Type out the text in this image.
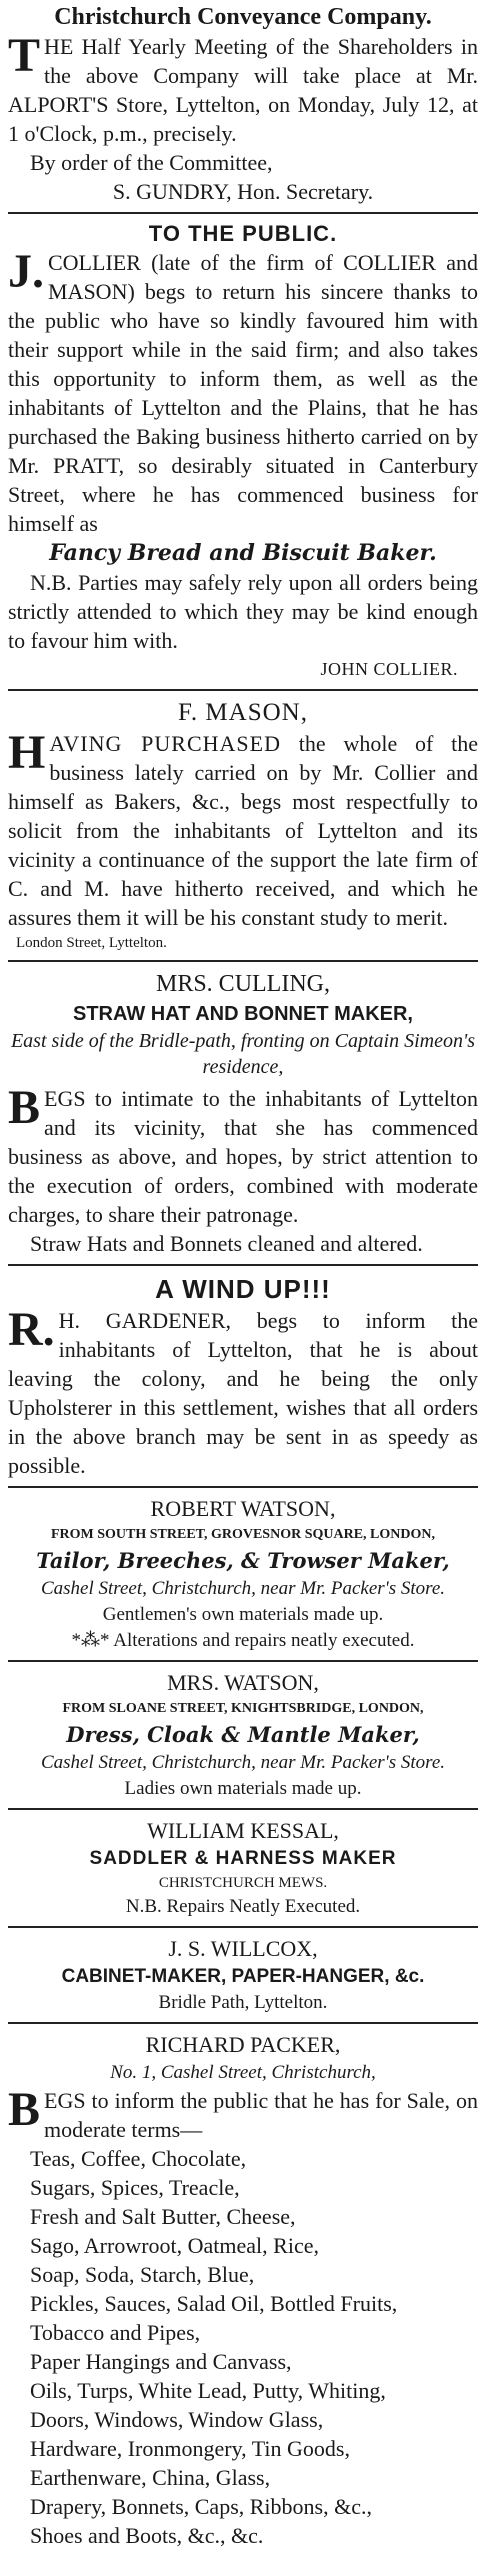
Christchurch Conveyance Company.

T HE Half Yearly Meeting of the Shareholders in the above Company will take place at Mr. ALPORT'S Store, Lyttelton, on Monday, July 12, at 1 o'Clock, p.m., precisely.

By order of the Committee,
S. GUNDRY, Hon. Secretary.
TO THE PUBLIC.

J. COLLIER (late of the firm of COLLIER and MASON) begs to return his sincere thanks to the public who have so kindly favoured him with their support while in the said firm; and also takes this opportunity to inform them, as well as the inhabitants of Lyttelton and the Plains, that he has purchased the Baking business hitherto carried on by Mr. PRATT, so desirably situated in Canterbury Street, where he has commenced business for himself as

Fancy Bread and Biscuit Baker.

N.B. Parties may safely rely upon all orders being strictly attended to which they may be kind enough to favour him with.

JOHN COLLIER.
F. MASON,

H AVING PURCHASED the whole of the business lately carried on by Mr. Collier and himself as Bakers, &c., begs most respectfully to solicit from the inhabitants of Lyttelton and its vicinity a continuance of the support the late firm of C. and M. have hitherto received, and which he assures them it will be his constant study to merit.

London Street, Lyttelton.
MRS. CULLING,
STRAW HAT AND BONNET MAKER,
East side of the Bridle-path, fronting on Captain Simeon's residence,

B EGS to intimate to the inhabitants of Lyttelton and its vicinity, that she has commenced business as above, and hopes, by strict attention to the execution of orders, combined with moderate charges, to share their patronage.

Straw Hats and Bonnets cleaned and altered.
A WIND UP!!!

R. H. GARDENER, begs to inform the inhabitants of Lyttelton, that he is about leaving the colony, and he being the only Upholsterer in this settlement, wishes that all orders in the above branch may be sent in as speedy as possible.

ROBERT WATSON,
FROM SOUTH STREET, GROVESNOR SQUARE, LONDON,
Tailor, Breeches, & Trowser Maker,
Cashel Street, Christchurch, near Mr. Packer's Store.
Gentlemen's own materials made up.
*⁂* Alterations and repairs neatly executed.
MRS. WATSON,
FROM SLOANE STREET, KNIGHTSBRIDGE, LONDON,
Dress, Cloak & Mantle Maker,
Cashel Street, Christchurch, near Mr. Packer's Store.
Ladies own materials made up.
WILLIAM KESSAL,
SADDLER & HARNESS MAKER
CHRISTCHURCH MEWS.
N.B. Repairs Neatly Executed.
J. S. WILLCOX,
CABINET-MAKER, PAPER-HANGER, &c.
Bridle Path, Lyttelton.
RICHARD PACKER,
No. 1, Cashel Street, Christchurch,

B EGS to inform the public that he has for Sale, on moderate terms—

Teas, Coffee, Chocolate,
Sugars, Spices, Treacle,
Fresh and Salt Butter, Cheese,
Sago, Arrowroot, Oatmeal, Rice,
Soap, Soda, Starch, Blue,
Pickles, Sauces, Salad Oil, Bottled Fruits,
Tobacco and Pipes,
Paper Hangings and Canvass,
Oils, Turps, White Lead, Putty, Whiting,
Doors, Windows, Window Glass,
Hardware, Ironmongery, Tin Goods,
Earthenware, China, Glass,
Drapery, Bonnets, Caps, Ribbons, &c.,
Shoes and Boots, &c., &c.
